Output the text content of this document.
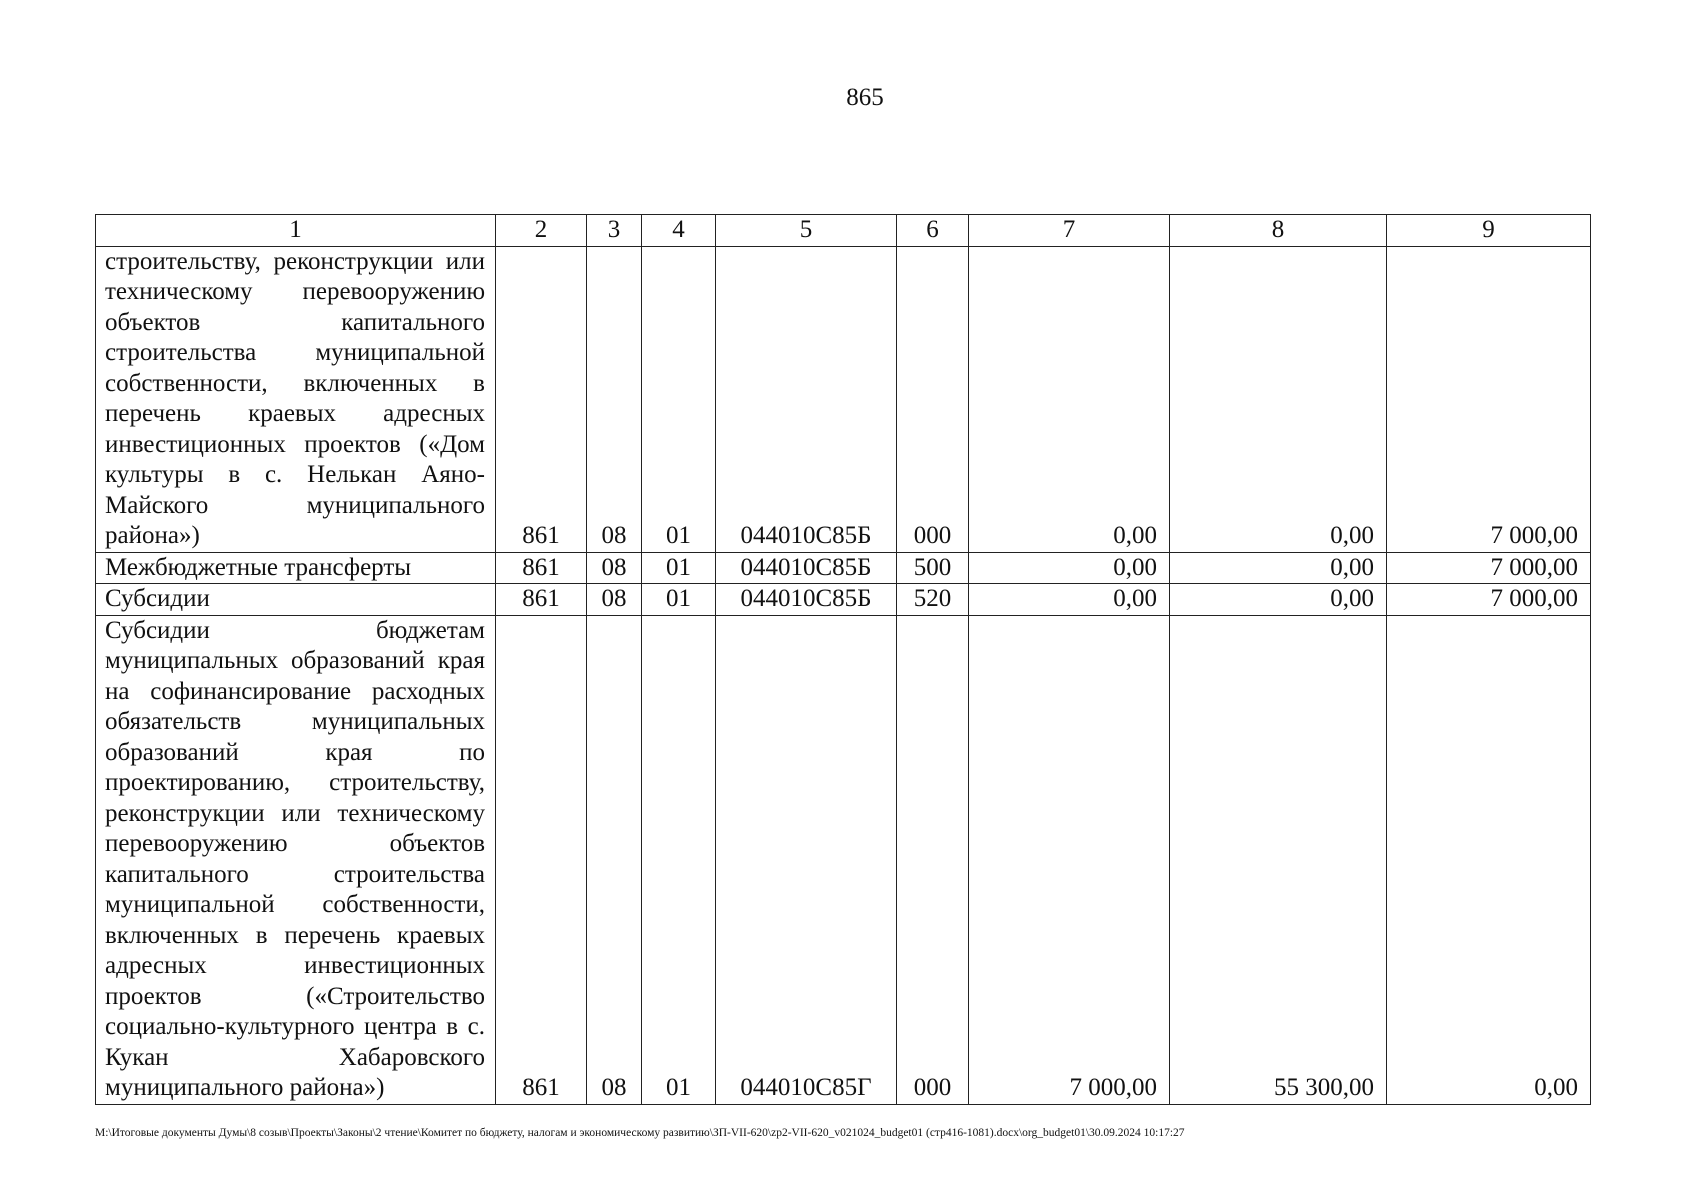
865
1	2	3	4	5	6	7	8	9
строительству, реконструкции или техническому перевооружению объектов капитального строительства муниципальной собственности, включенных в перечень краевых адресных инвестиционных проектов («Дом культуры в с. Нелькан Аяно-Майского муниципального района»)	861	08	01	044010С85Б	000	0,00	0,00	7 000,00
Межбюджетные трансферты	861	08	01	044010С85Б	500	0,00	0,00	7 000,00
Субсидии	861	08	01	044010С85Б	520	0,00	0,00	7 000,00
Субсидии бюджетам муниципальных образований края на софинансирование расходных обязательств муниципальных образований края по проектированию, строительству, реконструкции или техническому перевооружению объектов капитального строительства муниципальной собственности, включенных в перечень краевых адресных инвестиционных проектов («Строительство социально-культурного центра в с. Кукан Хабаровского муниципального района»)	861	08	01	044010С85Г	000	7 000,00	55 300,00	0,00
M:\Итоговые документы Думы\8 созыв\Проекты\Законы\2 чтение\Комитет по бюджету, налогам и экономическому развитию\ЗП-VII-620\zp2-VII-620_v021024_budget01 (стр416-1081).docx\org_budget01\30.09.2024 10:17:27
